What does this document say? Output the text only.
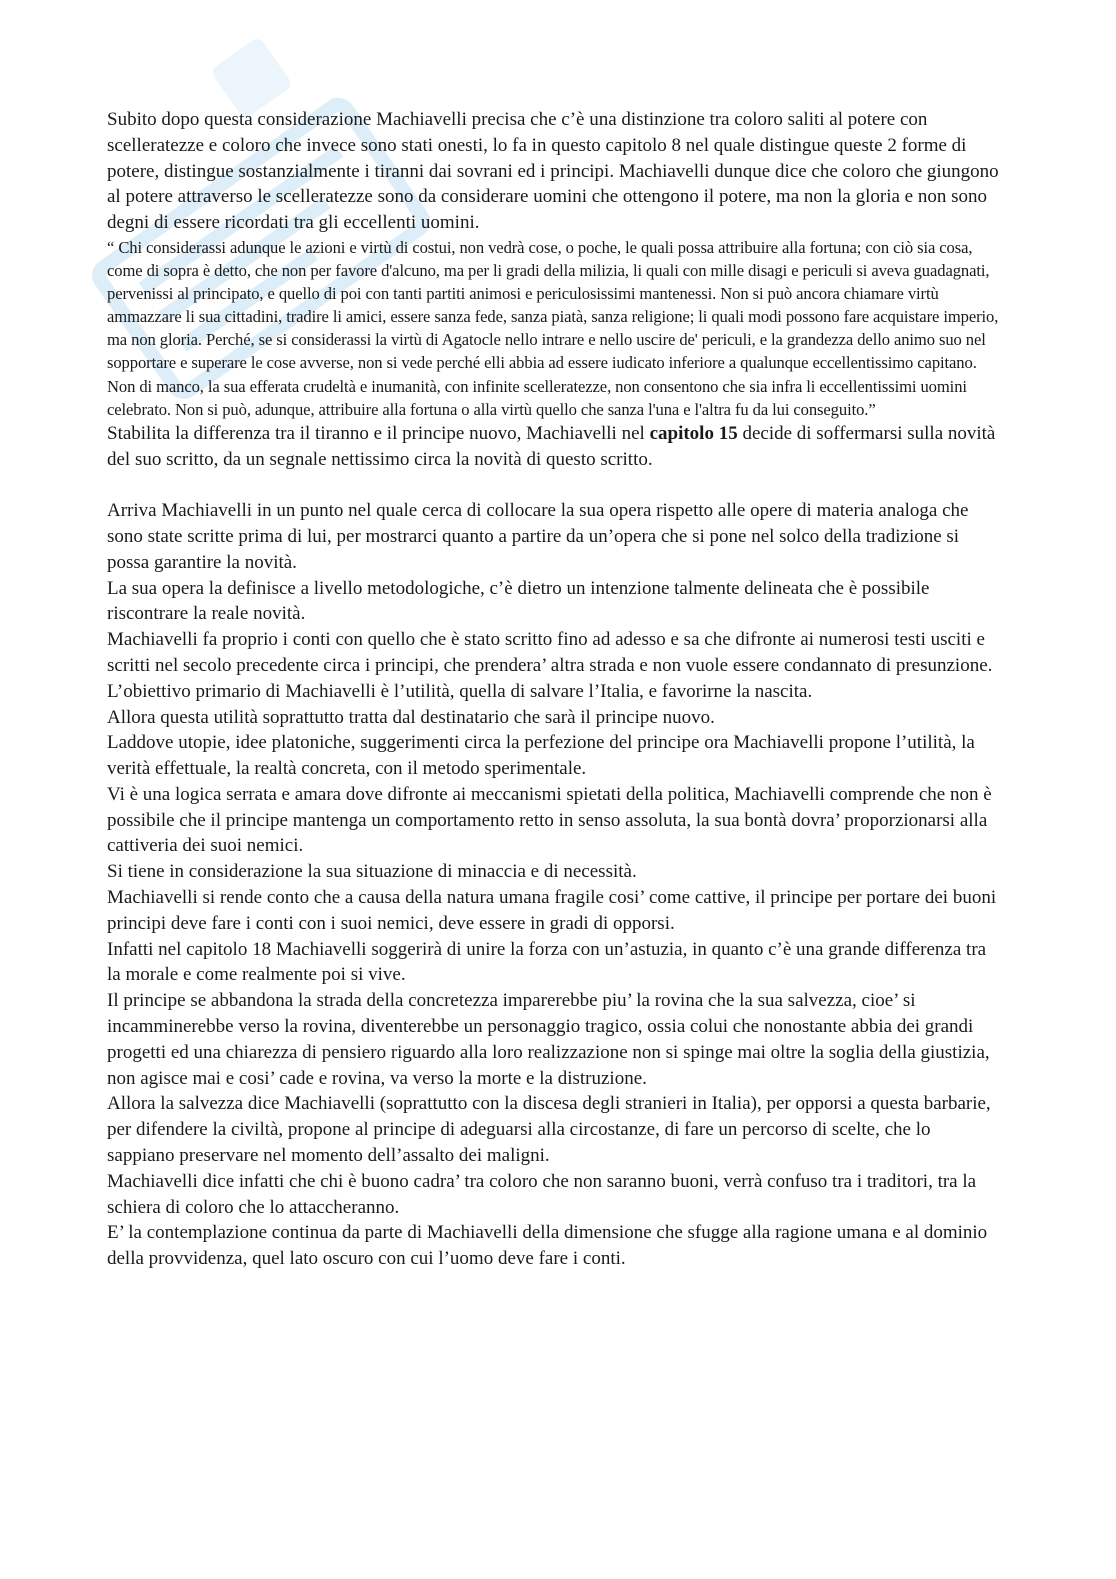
Subito dopo questa considerazione Machiavelli precisa che c’è una distinzione tra coloro saliti al potere con scelleratezze e coloro che invece sono stati onesti, lo fa in questo capitolo 8 nel quale distingue queste 2 forme di potere, distingue sostanzialmente i tiranni dai sovrani ed i principi. Machiavelli dunque dice che coloro che giungono al potere attraverso le scelleratezze sono da considerare uomini che ottengono il potere, ma non la gloria e non sono degni di essere ricordati tra gli eccellenti uomini.

“ Chi considerassi adunque le azioni e virtù di costui, non vedrà cose, o poche, le quali possa attribuire alla fortuna; con ciò sia cosa, come di sopra è detto, che non per favore d'alcuno, ma per li gradi della milizia, li quali con mille disagi e periculi si aveva guadagnati, pervenissi al principato, e quello di poi con tanti partiti animosi e periculosissimi mantenessi. Non si può ancora chiamare virtù ammazzare li sua cittadini, tradire li amici, essere sanza fede, sanza piatà, sanza religione; li quali modi possono fare acquistare imperio, ma non gloria. Perché, se si considerassi la virtù di Agatocle nello intrare e nello uscire de' periculi, e la grandezza dello animo suo nel sopportare e superare le cose avverse, non si vede perché elli abbia ad essere iudicato inferiore a qualunque eccellentissimo capitano. Non di manco, la sua efferata crudeltà e inumanità, con infinite scelleratezze, non consentono che sia infra li eccellentissimi uomini celebrato. Non si può, adunque, attribuire alla fortuna o alla virtù quello che sanza l'una e l'altra fu da lui conseguito.”

Stabilita la differenza tra il tiranno e il principe nuovo, Machiavelli nel capitolo 15 decide di soffermarsi sulla novità del suo scritto, da un segnale nettissimo circa la novità di questo scritto.

Arriva Machiavelli in un punto nel quale cerca di collocare la sua opera rispetto alle opere di materia analoga che sono state scritte prima di lui, per mostrarci quanto a partire da un’opera che si pone nel solco della tradizione si possa garantire la novità.

La sua opera la definisce a livello metodologiche, c’è dietro un intenzione talmente delineata che è possibile riscontrare la reale novità.

Machiavelli fa proprio i conti con quello che è stato scritto fino ad adesso e sa che difronte ai numerosi testi usciti e scritti nel secolo precedente circa i principi, che prendera’ altra strada e non vuole essere condannato di presunzione.

L’obiettivo primario di Machiavelli è l’utilità, quella di salvare l’Italia, e favorirne la nascita.

Allora questa utilità soprattutto tratta dal destinatario che sarà il principe nuovo.

Laddove utopie, idee platoniche, suggerimenti circa la perfezione del principe ora Machiavelli propone l’utilità, la verità effettuale, la realtà concreta, con il metodo sperimentale.

Vi è una logica serrata e amara dove difronte ai meccanismi spietati della politica, Machiavelli comprende che non è possibile che il principe mantenga un comportamento retto in senso assoluta, la sua bontà dovra’ proporzionarsi alla cattiveria dei suoi nemici.

Si tiene in considerazione la sua situazione di minaccia e di necessità.

Machiavelli si rende conto che a causa della natura umana fragile cosi’ come cattive, il principe per portare dei buoni principi deve fare i conti con i suoi nemici, deve essere in gradi di opporsi.

Infatti nel capitolo 18 Machiavelli soggerirà di unire la forza con un’astuzia, in quanto c’è una grande differenza tra la morale e come realmente poi si vive.

Il principe se abbandona la strada della concretezza imparerebbe piu’ la rovina che la sua salvezza, cioe’ si incamminerebbe verso la rovina, diventerebbe un personaggio tragico, ossia colui che nonostante abbia dei grandi progetti ed una chiarezza di pensiero riguardo alla loro realizzazione non si spinge mai oltre la soglia della giustizia, non agisce mai e cosi’ cade e rovina, va verso la morte e la distruzione.

Allora la salvezza dice Machiavelli (soprattutto con la discesa degli stranieri in Italia), per opporsi a questa barbarie, per difendere la civiltà, propone al principe di adeguarsi alla circostanze, di fare un percorso di scelte, che lo sappiano preservare nel momento dell’assalto dei maligni.

Machiavelli dice infatti che chi è buono cadra’ tra coloro che non saranno buoni, verrà confuso tra i traditori, tra la schiera di coloro che lo attaccheranno.

E’ la contemplazione continua da parte di Machiavelli della dimensione che sfugge alla ragione umana e al dominio della provvidenza, quel lato oscuro con cui l’uomo deve fare i conti.
